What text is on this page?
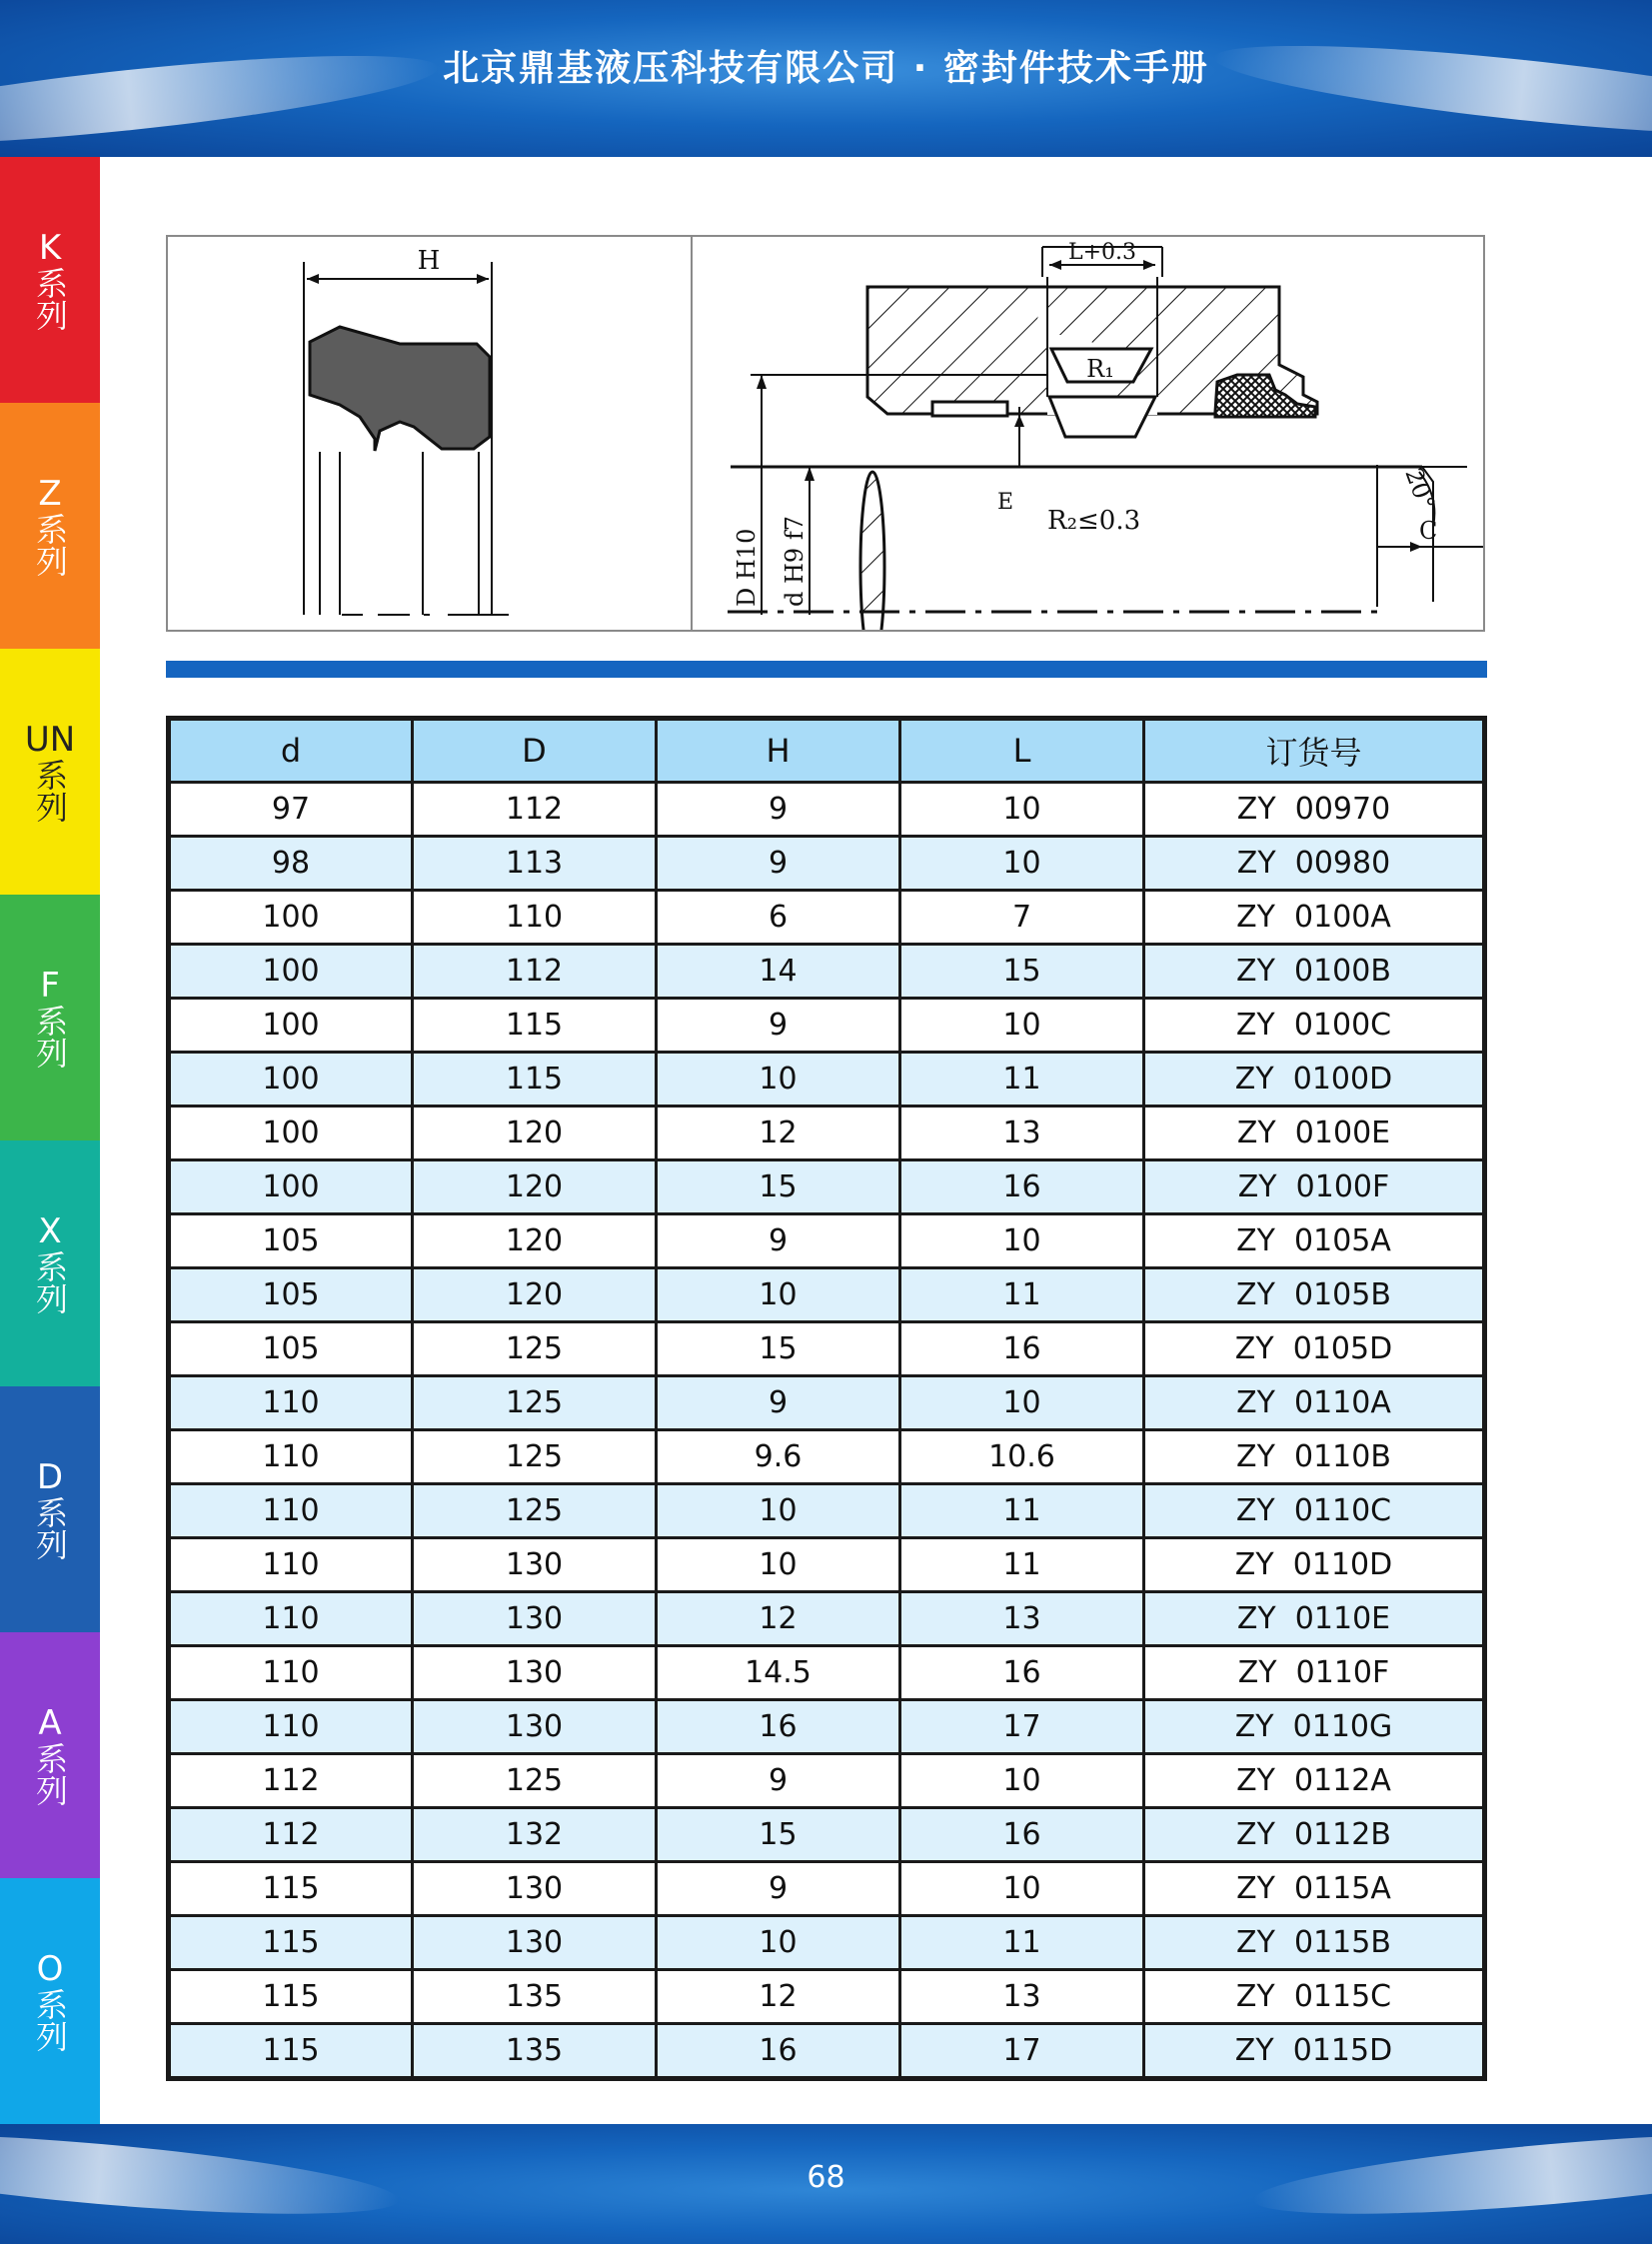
北京鼎基液压科技有限公司 · 密封件技术手册
K
系列
Z
系列
UN
系列
F
系列
X
系列
D
系列
A
系列
O
系列
H	L+0.3
R₁
R₂≤0.3
E	20°
C
D H10 d H9 f7
d	D	H	L	订货号
97	112	9	10	ZY  00970
98	113	9	10	ZY  00980
100	110	6	7	ZY  0100A
100	112	14	15	ZY  0100B
100	115	9	10	ZY  0100C
100	115	10	11	ZY  0100D
100	120	12	13	ZY  0100E
100	120	15	16	ZY  0100F
105	120	9	10	ZY  0105A
105	120	10	11	ZY  0105B
105	125	15	16	ZY  0105D
110	125	9	10	ZY  0110A
110	125	9.6	10.6	ZY  0110B
110	125	10	11	ZY  0110C
110	130	10	11	ZY  0110D
110	130	12	13	ZY  0110E
110	130	14.5	16	ZY  0110F
110	130	16	17	ZY  0110G
112	125	9	10	ZY  0112A
112	132	15	16	ZY  0112B
115	130	9	10	ZY  0115A
115	130	10	11	ZY  0115B
115	135	12	13	ZY  0115C
115	135	16	17	ZY  0115D
68
